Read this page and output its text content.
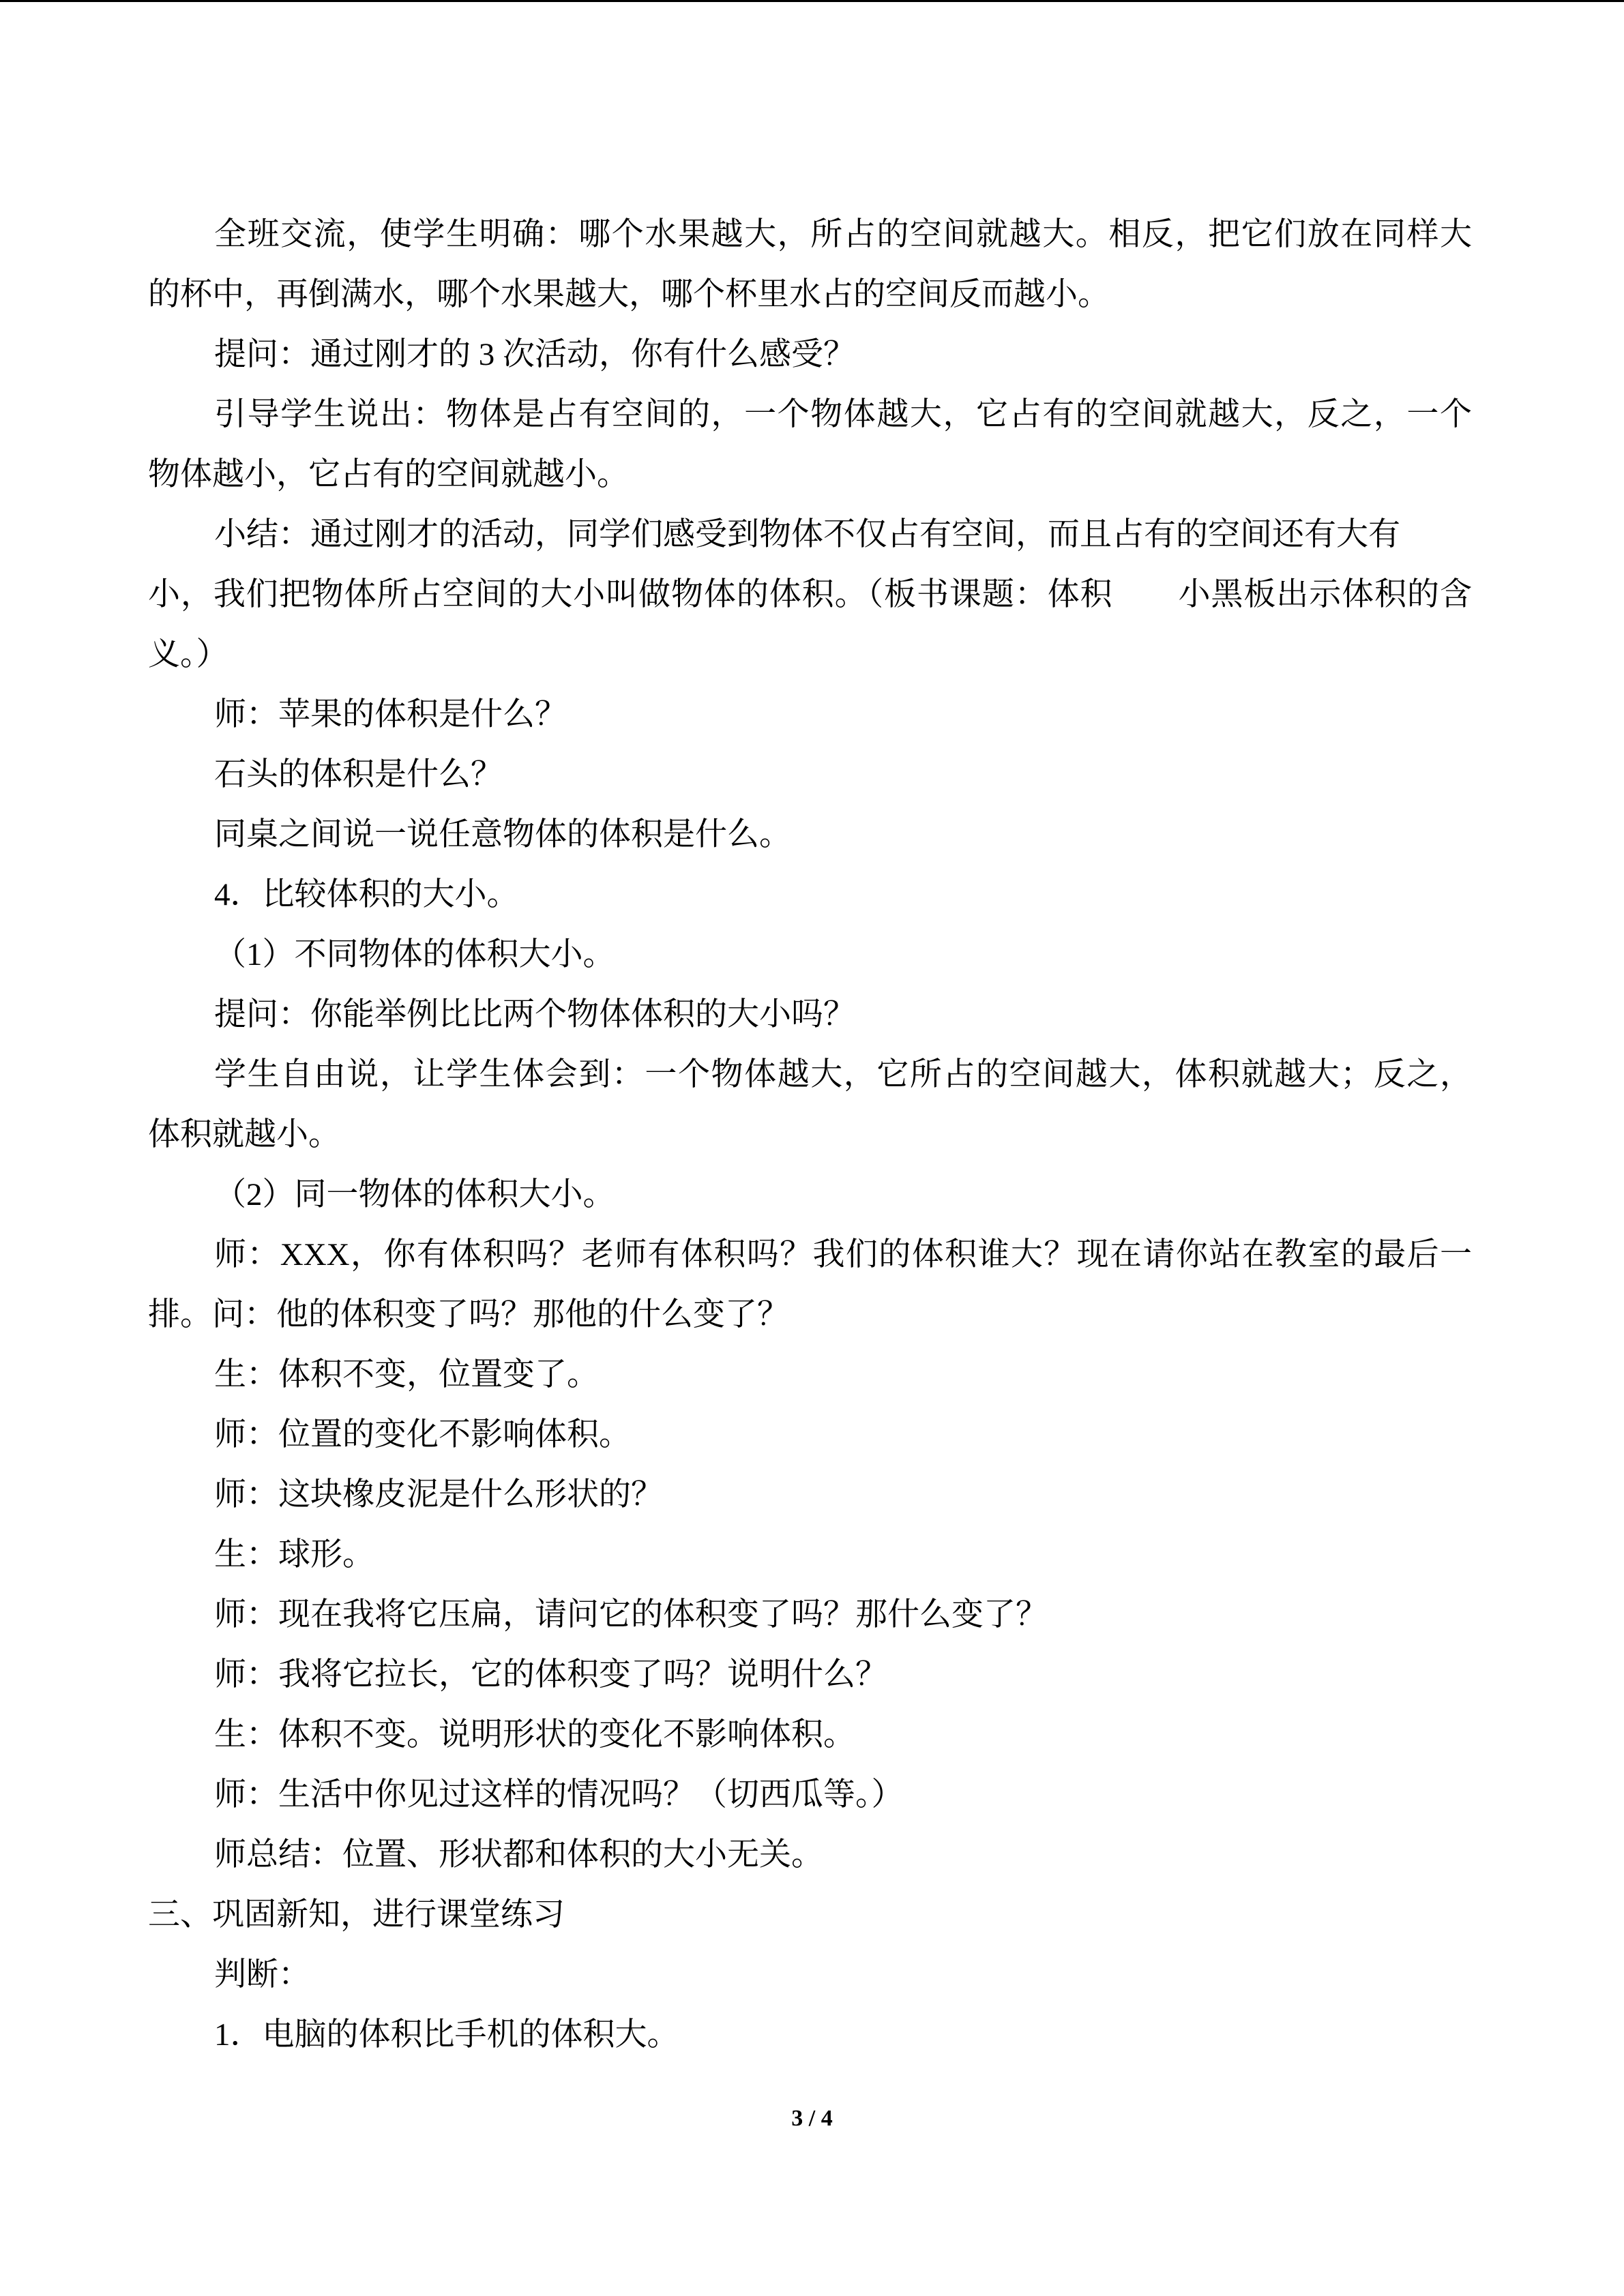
全班交流，使学生明确：哪个水果越大，所占的空间就越大。相反，把它们放在同样大
的杯中，再倒满水，哪个水果越大，哪个杯里水占的空间反而越小。
提问：通过刚才的 3 次活动，你有什么感受？
引导学生说出：物体是占有空间的，一个物体越大，它占有的空间就越大，反之，一个
物体越小，它占有的空间就越小。
小结：通过刚才的活动，同学们感受到物体不仅占有空间，而且占有的空间还有大有
小，我们把物体所占空间的大小叫做物体的体积。（板书课题：体积　　小黑板出示体积的含
义。）
师：苹果的体积是什么？
石头的体积是什么？
同桌之间说一说任意物体的体积是什么。
4．比较体积的大小。
（1）不同物体的体积大小。
提问：你能举例比比两个物体体积的大小吗？
学生自由说，让学生体会到：一个物体越大，它所占的空间越大，体积就越大；反之，
体积就越小。
（2）同一物体的体积大小。
师：XXX，你有体积吗？老师有体积吗？我们的体积谁大？现在请你站在教室的最后一
排。问：他的体积变了吗？那他的什么变了？
生：体积不变，位置变了。
师：位置的变化不影响体积。
师：这块橡皮泥是什么形状的？
生：球形。
师：现在我将它压扁，请问它的体积变了吗？那什么变了？
师：我将它拉长，它的体积变了吗？说明什么？
生：体积不变。说明形状的变化不影响体积。
师：生活中你见过这样的情况吗？（切西瓜等。）
师总结：位置、形状都和体积的大小无关。
三、巩固新知，进行课堂练习
判断：
1．电脑的体积比手机的体积大。
3 / 4
